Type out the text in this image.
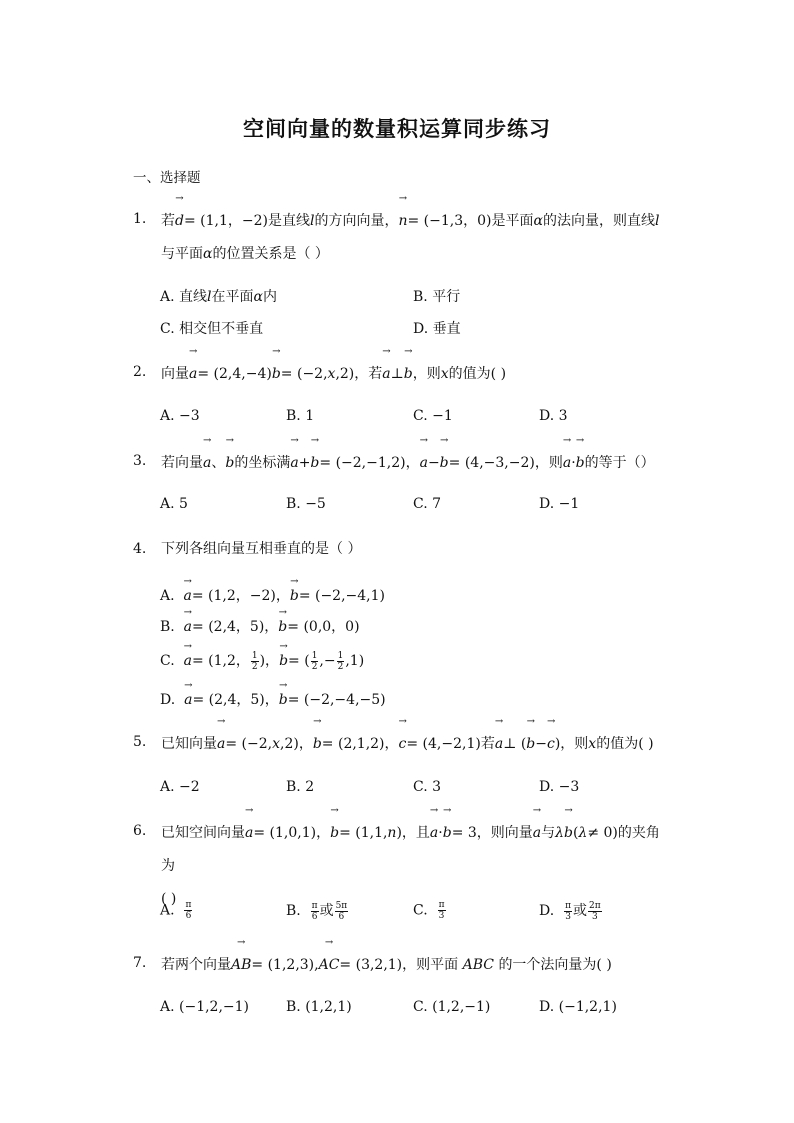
空间向量的数量积运算同步练习
一、选择题
1.	若→ d= (1,1，−2)是直线l的方向向量，→ n= (−1,3，0)是平面α的法向量，则直线l
与平面α的位置关系是（ ）
A. 直线l在平面α内	B. 平行
C. 相交但不垂直	D. 垂直
2.	向量→ a= (2,4,−4)→ b= (−2,x,2)，若→ a⊥→ b，则x的值为( )
A. −3	B. 1	C. −1	D. 3
3.	若向量→ a、→ b的坐标满→ a+→ b= (−2,−1,2)，→ a−→ b= (4,−3,−2)，则→ a·→ b的等于（）
A. 5	B. −5	C. 7	D. −1
4.	下列各组向量互相垂直的是（ ）
A. → a= (1,2，−2)，→ b= (−2,−4,1)
B. → a= (2,4，5)，→ b= (0,0，0)
C. → a= (1,2， $\frac{1}{2}$ )，→ b= ( $\frac{1}{2}$ ,− $\frac{1}{2} ,1$)
D. → a= (2,4，5)，→ b= (−2,−4,−5)
5.	已知向量→ a= (−2,x,2)，→ b= (2,1,2)，→ c= (4,−2,1)若→ a⊥ (→ b−→ c)，则x的值为( )
A. −2	B. 2	C. 3	D. −3
6.	已知空间向量→ a= (1,0,1)，→ b= (1,1,n)，且→ a·→ b= 3，则向量→ a与λ→ b(λ≠ 0)的夹角为
( )
A. $\frac{\pi}{6}$	B. $\frac{\pi}{6}$ 或 $\frac{5\pi}{6}$	C. $\frac{\pi}{3}$	D. $\frac{\pi}{3}$ 或 $\frac{2\pi}{3}$
7.	若两个向量→ AB= (1,2,3),→ AC= (3,2,1)，则平面 ABC 的一个法向量为( )
A. (−1,2,−1)	B. (1,2,1)	C. (1,2,−1)	D. (−1,2,1)
